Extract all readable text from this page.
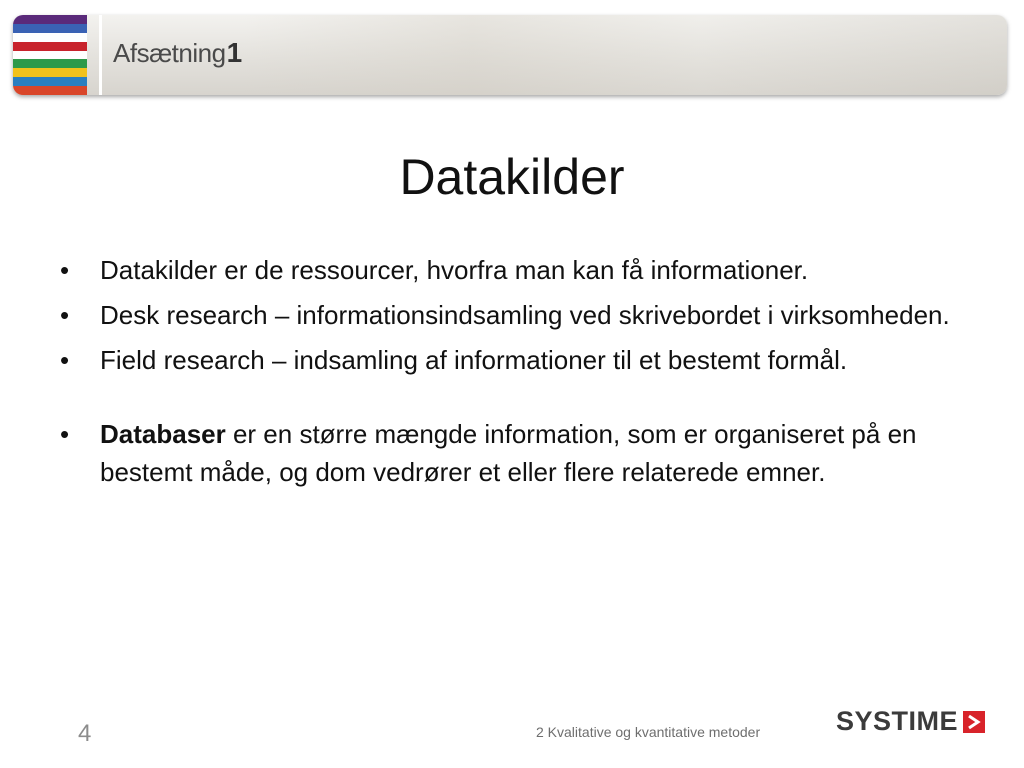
Afsætning 1
Datakilder
•	Datakilder er de ressourcer, hvorfra man kan få informationer.
•	Desk research – informationsindsamling ved skrivebordet i virksomheden.
•	Field research – indsamling af informationer til et bestemt formål.
•	Databaser er en større mængde information, som er organiseret på en bestemt måde, og dom vedrører et eller flere relaterede emner.
4	2 Kvalitative og kvantitative metoder	SYSTIME
